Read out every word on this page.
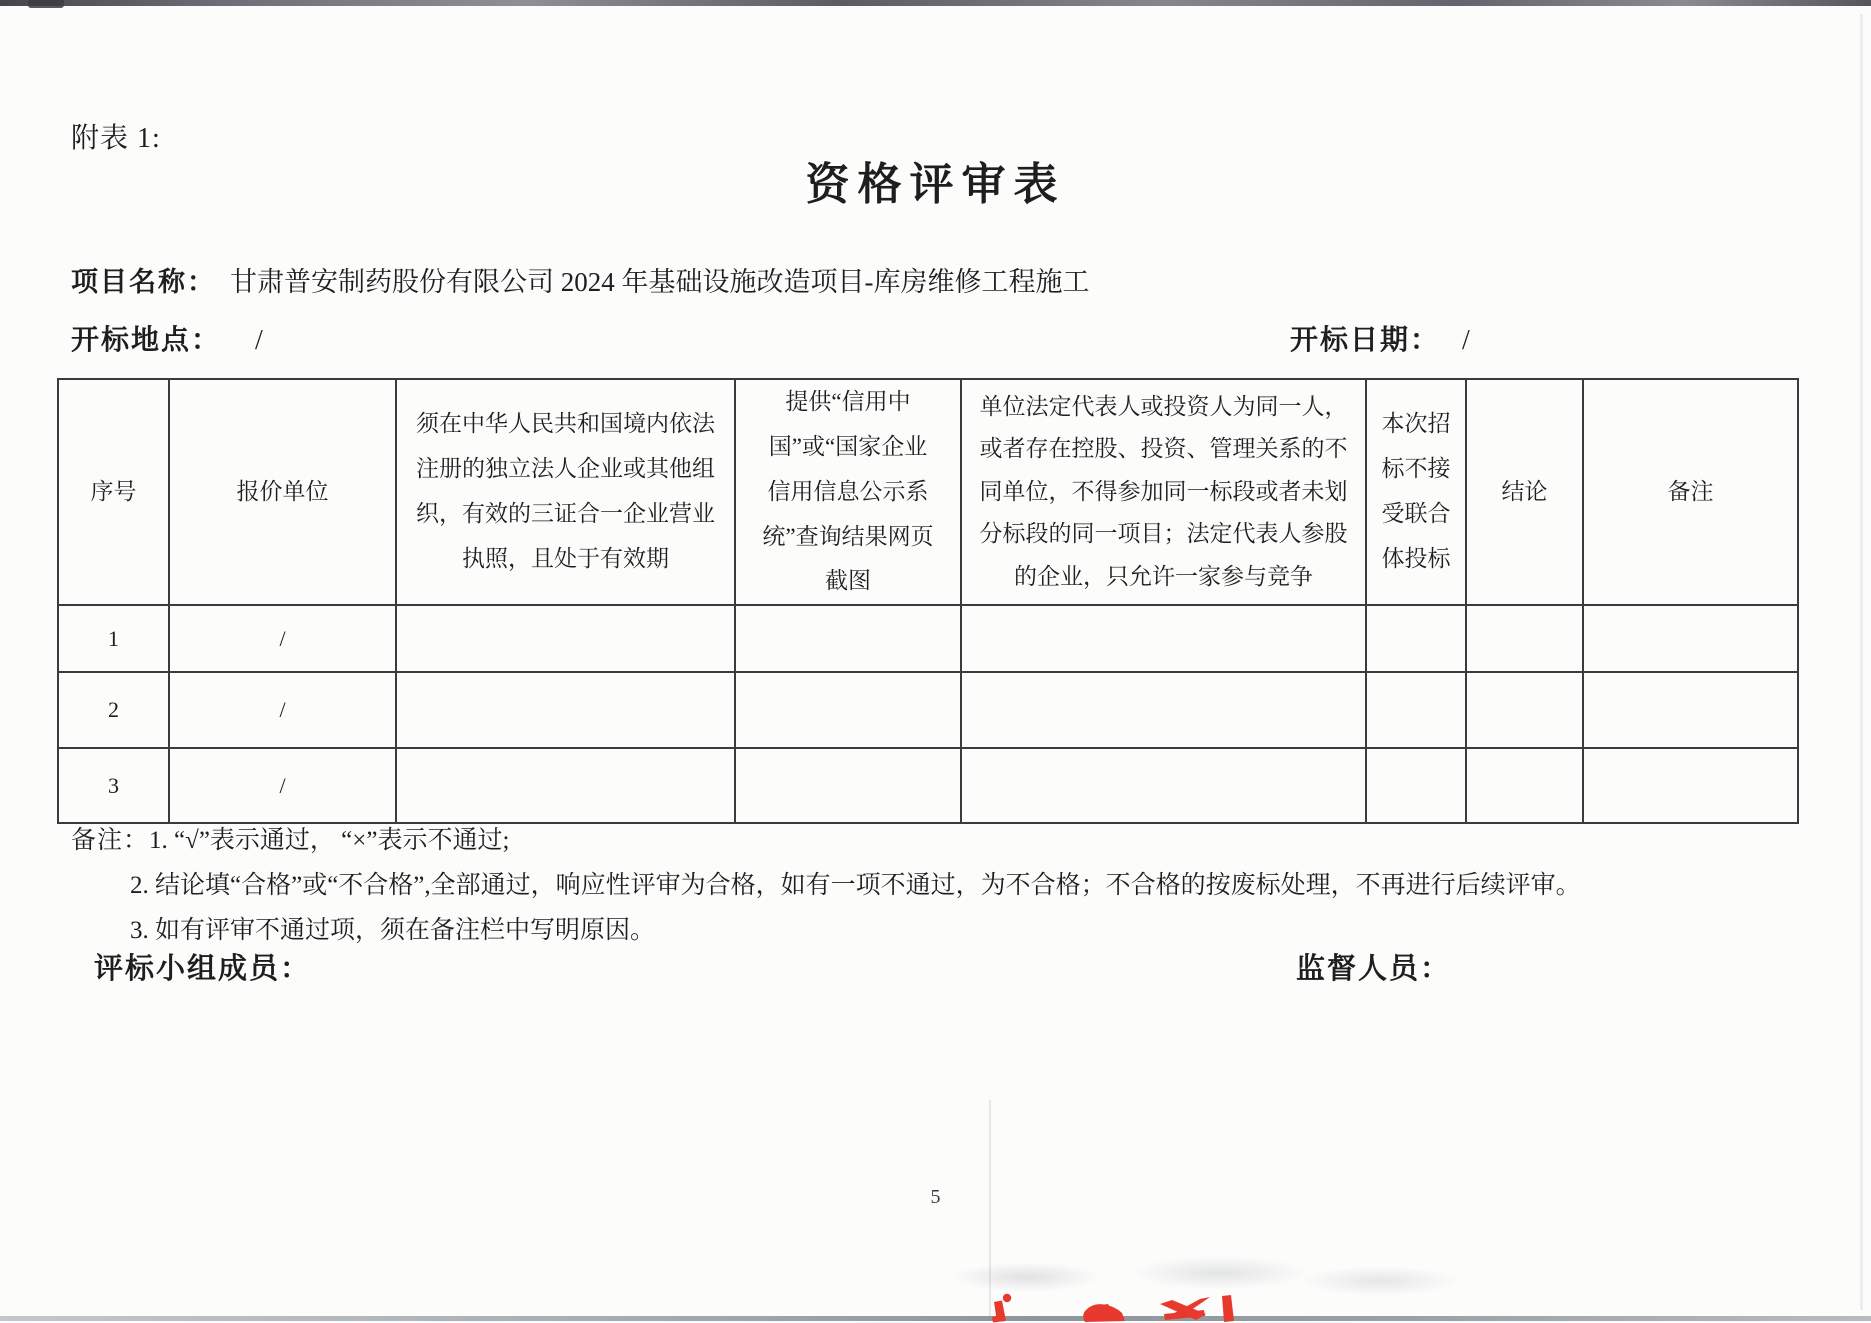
附表 1:
资格评审表
项目名称： 甘肃普安制药股份有限公司 2024 年基础设施改造项目-库房维修工程施工
开标地点： /	开标日期： /
序号	报价单位	须在中华人民共和国境内依法注册的独立法人企业或其他组织，有效的三证合一企业营业执照，且处于有效期	提供“信用中国”或“国家企业信用信息公示系统”查询结果网页截图	单位法定代表人或投资人为同一人，或者存在控股、投资、管理关系的不同单位，不得参加同一标段或者未划分标段的同一项目；法定代表人参股的企业，只允许一家参与竞争	本次招标不接受联合体投标	结论	备注
1	/						
2	/						
3	/						
备注：1. “√”表示通过， “×”表示不通过;
2. 结论填“合格”或“不合格”,全部通过，响应性评审为合格，如有一项不通过，为不合格；不合格的按废标处理，不再进行后续评审。
3. 如有评审不通过项，须在备注栏中写明原因。
评标小组成员：	监督人员：
5
